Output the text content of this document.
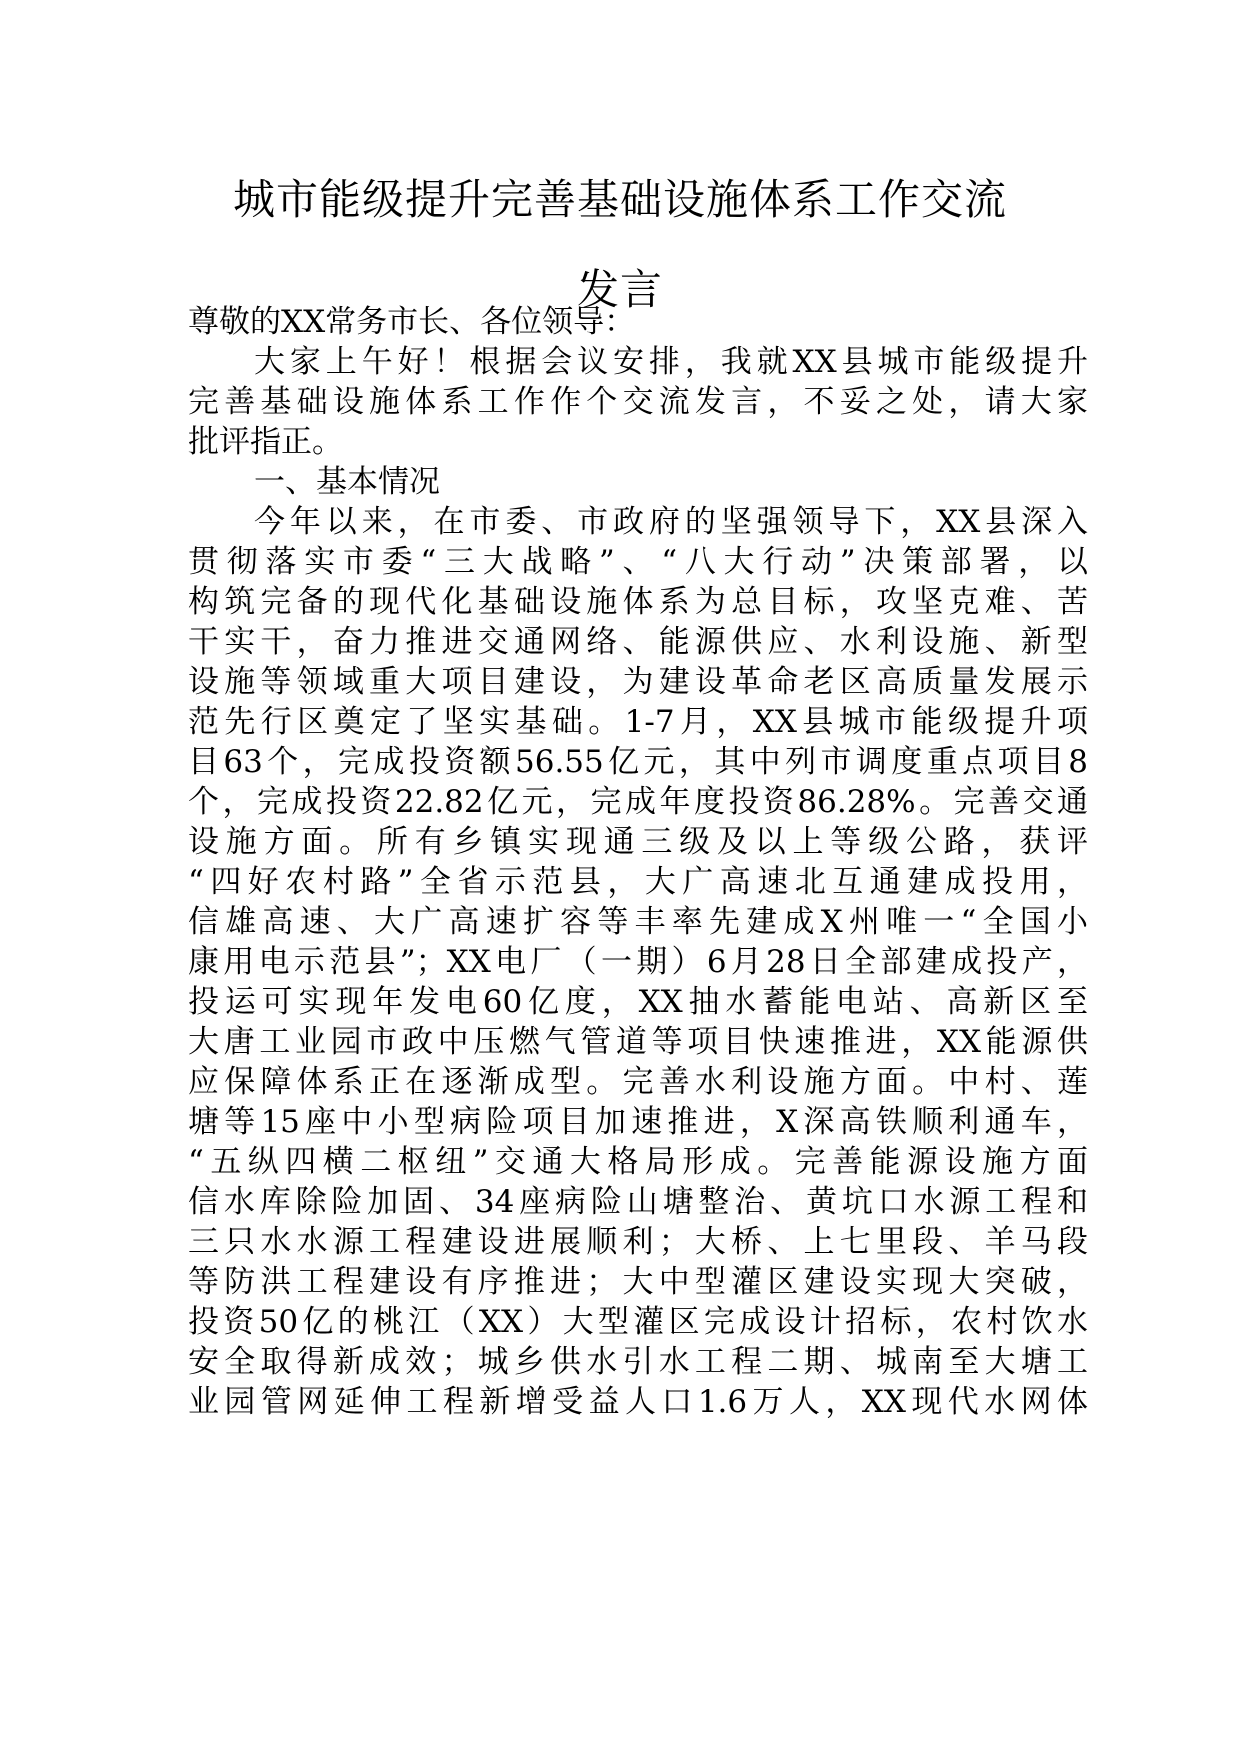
城市能级提升完善基础设施体系工作交流
发言
尊敬的XX常务市长、各位领导：
大家上午好！根据会议安排，我就XX县城市能级提升
完善基础设施体系工作作个交流发言，不妥之处，请大家
批评指正。
一、基本情况
今年以来，在市委、市政府的坚强领导下，XX县深入
贯彻落实市委“三大战略”、“八大行动”决策部署，以
构筑完备的现代化基础设施体系为总目标，攻坚克难、苦
干实干，奋力推进交通网络、能源供应、水利设施、新型
设施等领域重大项目建设，为建设革命老区高质量发展示
范先行区奠定了坚实基础。1-7月，XX县城市能级提升项
目63个，完成投资额56.55亿元，其中列市调度重点项目8
个，完成投资22.82亿元，完成年度投资86.28%。完善交通
设施方面。所有乡镇实现通三级及以上等级公路，获评
“四好农村路”全省示范县，大广高速北互通建成投用，
信雄高速、大广高速扩容等丰率先建成X州唯一“全国小
康用电示范县”；XX电厂（一期）6月28日全部建成投产，
投运可实现年发电60亿度，XX抽水蓄能电站、高新区至
大唐工业园市政中压燃气管道等项目快速推进，XX能源供
应保障体系正在逐渐成型。完善水利设施方面。中村、莲
塘等15座中小型病险项目加速推进，X深高铁顺利通车，
“五纵四横二枢纽”交通大格局形成。完善能源设施方面
信水库除险加固、34座病险山塘整治、黄坑口水源工程和
三只水水源工程建设进展顺利；大桥、上七里段、羊马段
等防洪工程建设有序推进；大中型灌区建设实现大突破，
投资50亿的桃江（XX）大型灌区完成设计招标，农村饮水
安全取得新成效；城乡供水引水工程二期、城南至大塘工
业园管网延伸工程新增受益人口1.6万人，XX现代水网体
